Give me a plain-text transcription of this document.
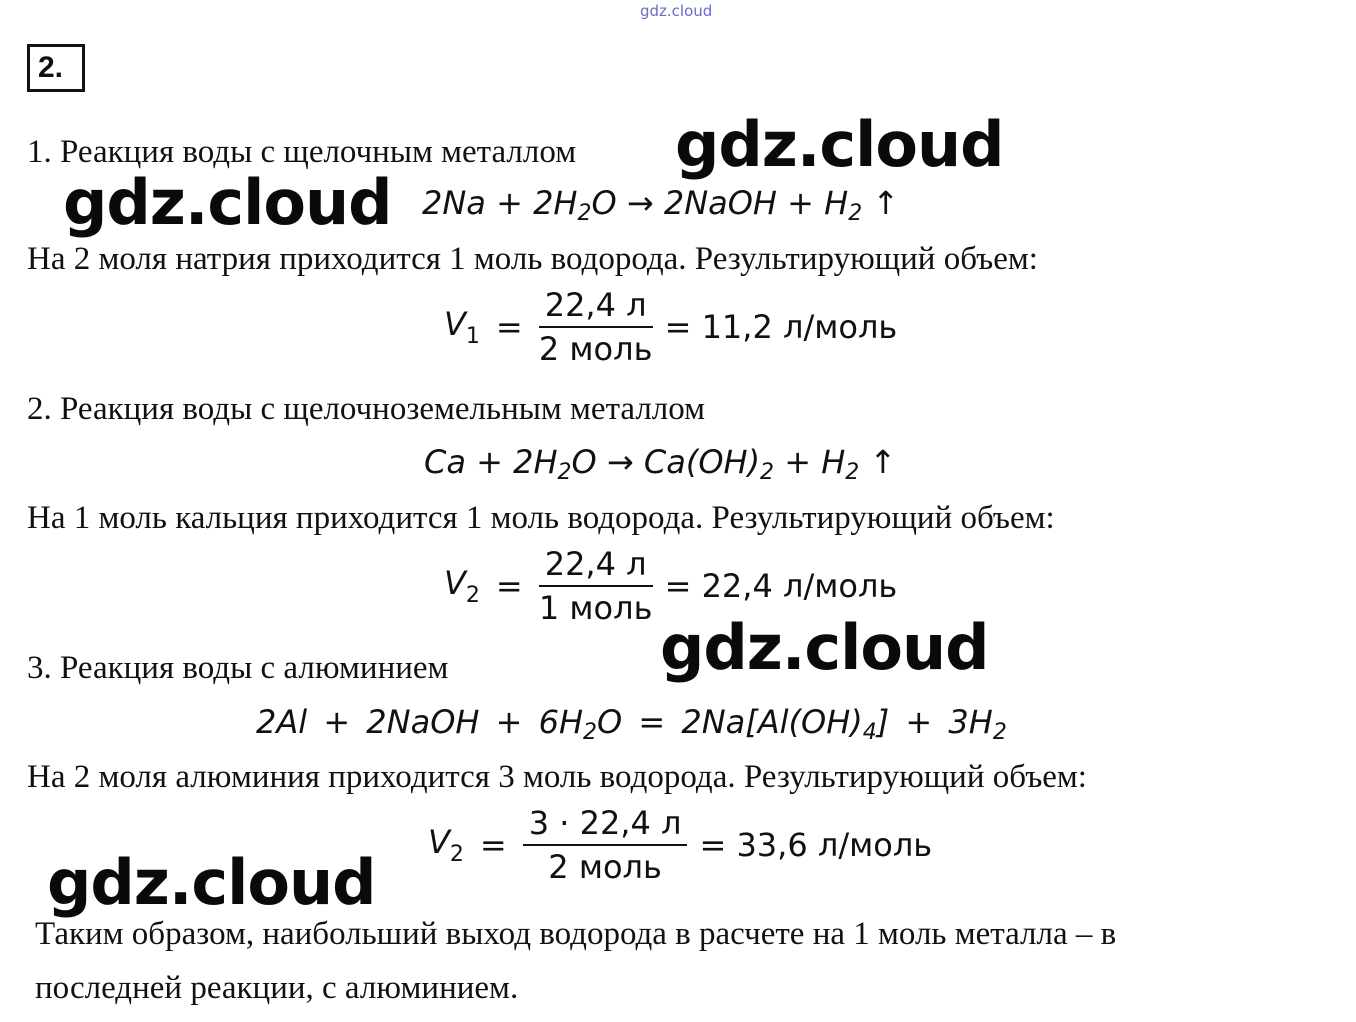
gdz.cloud
2.
1. Реакция воды с щелочным металлом gdz.cloud
gdz.cloud $2Na + 2H_2O$ → 2NaOH + $H_2$ ↑
На 2 моля натрия приходится 1 моль водорода. Результирующий объем:
$V_1$ =
22,4 л
2 моль
= 11,2 л/моль
2. Реакция воды с щелочноземельным металлом
$Ca + 2H_2O \to Ca(OH)_2 + H_2$ ↑
На 1 моль кальция приходится 1 моль водорода. Результирующий объем:
$V_2$ =
22,4 л
1 моль
= 22,4 л/моль
gdz.cloud
3. Реакция воды с алюминием
2Al + 2NaOH + $6H_2O = 2Na[Al(OH)_4] + 3H_2$
На 2 моля алюминия приходится 3 моль водорода. Результирующий объем:
$V_2$ =
3 · 22,4 л
2 моль
= 33,6 л/моль
gdz.cloud
Таким образом, наибольший выход водорода в расчете на 1 моль металла – в
последней реакции, с алюминием.
